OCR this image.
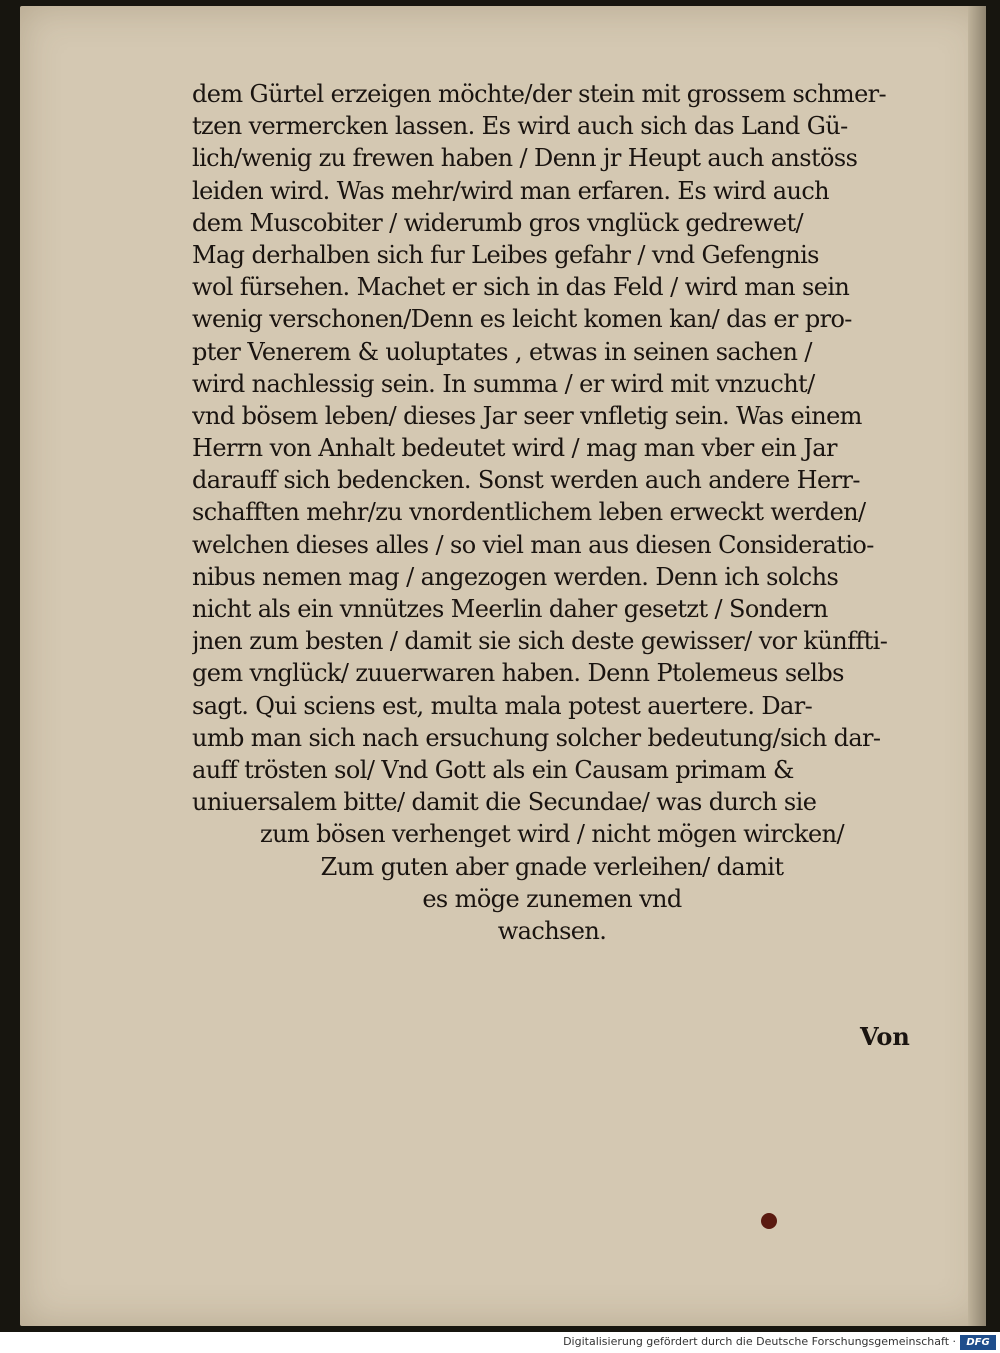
dem Gürtel erzeigen möchte/der stein mit grossem schmer-
tzen vermercken lassen. Es wird auch sich das Land Gü-
lich/wenig zu frewen haben / Denn jr Heupt auch anstöss
leiden wird. Was mehr/wird man erfaren. Es wird auch
dem Muscobiter / widerumb gros vnglück gedrewet/
Mag derhalben sich fur Leibes gefahr / vnd Gefengnis
wol fürsehen. Machet er sich in das Feld / wird man sein
wenig verschonen/Denn es leicht komen kan/ das er pro-
pter Venerem & uoluptates , etwas in seinen sachen /
wird nachlessig sein. In summa / er wird mit vnzucht/
vnd bösem leben/ dieses Jar seer vnfletig sein. Was einem
Herrn von Anhalt bedeutet wird / mag man vber ein Jar
darauff sich bedencken. Sonst werden auch andere Herr-
schafften mehr/zu vnordentlichem leben erweckt werden/
welchen dieses alles / so viel man aus diesen Consideratio-
nibus nemen mag / angezogen werden. Denn ich solchs
nicht als ein vnnützes Meerlin daher gesetzt / Sondern
jnen zum besten / damit sie sich deste gewisser/ vor künffti-
gem vnglück/ zuuerwaren haben. Denn Ptolemeus selbs
sagt. Qui sciens est, multa mala potest auertere. Dar-
umb man sich nach ersuchung solcher bedeutung/sich dar-
auff trösten sol/ Vnd Gott als ein Causam primam &
uniuersalem bitte/ damit die Secundae/ was durch sie
zum bösen verhenget wird / nicht mögen wircken/
Zum guten aber gnade verleihen/ damit
es möge zunemen vnd
wachsen.
Von
Digitalisierung gefördert durch die Deutsche Forschungsgemeinschaft ·	DFG
